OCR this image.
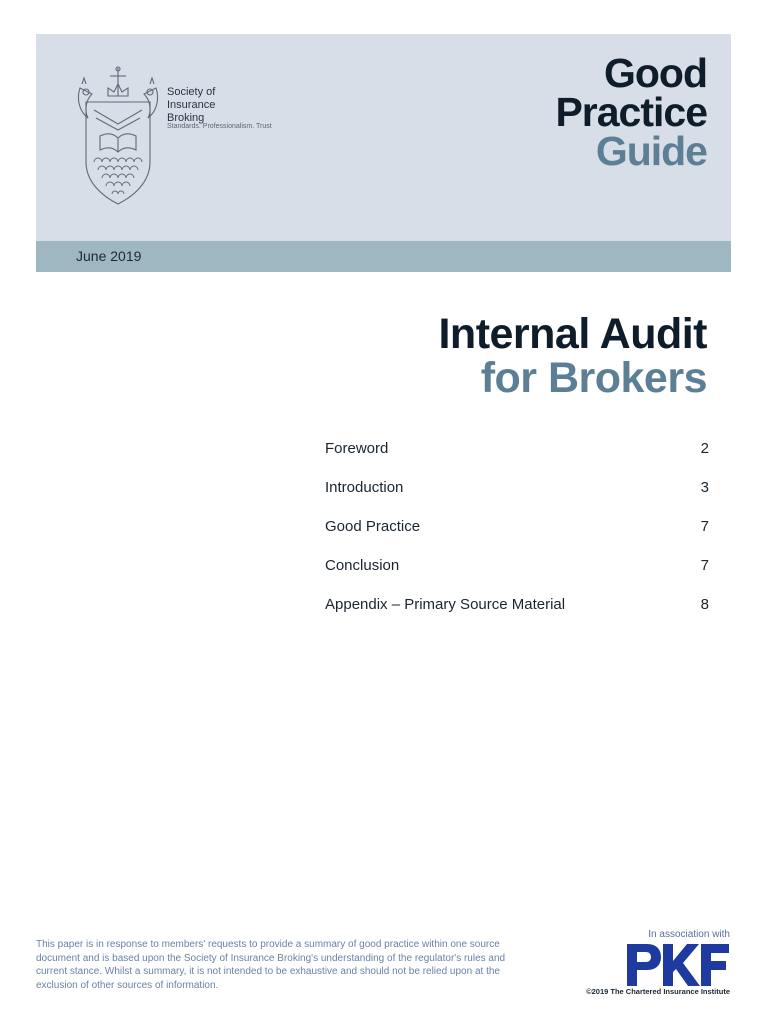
Society of
Insurance
Broking
Standards. Professionalism. Trust
Good
Practice
Guide
June 2019
Internal Audit
for Brokers
Foreword	2
Introduction	3
Good Practice	7
Conclusion	7
Appendix – Primary Source Material	8
This paper is in response to members' requests to provide a summary of good practice within one source document and is based upon the Society of Insurance Broking's understanding of the regulator's rules and current stance. Whilst a summary, it is not intended to be exhaustive and should not be relied upon at the exclusion of other sources of information.
In association with
©2019 The Chartered Insurance Institute
